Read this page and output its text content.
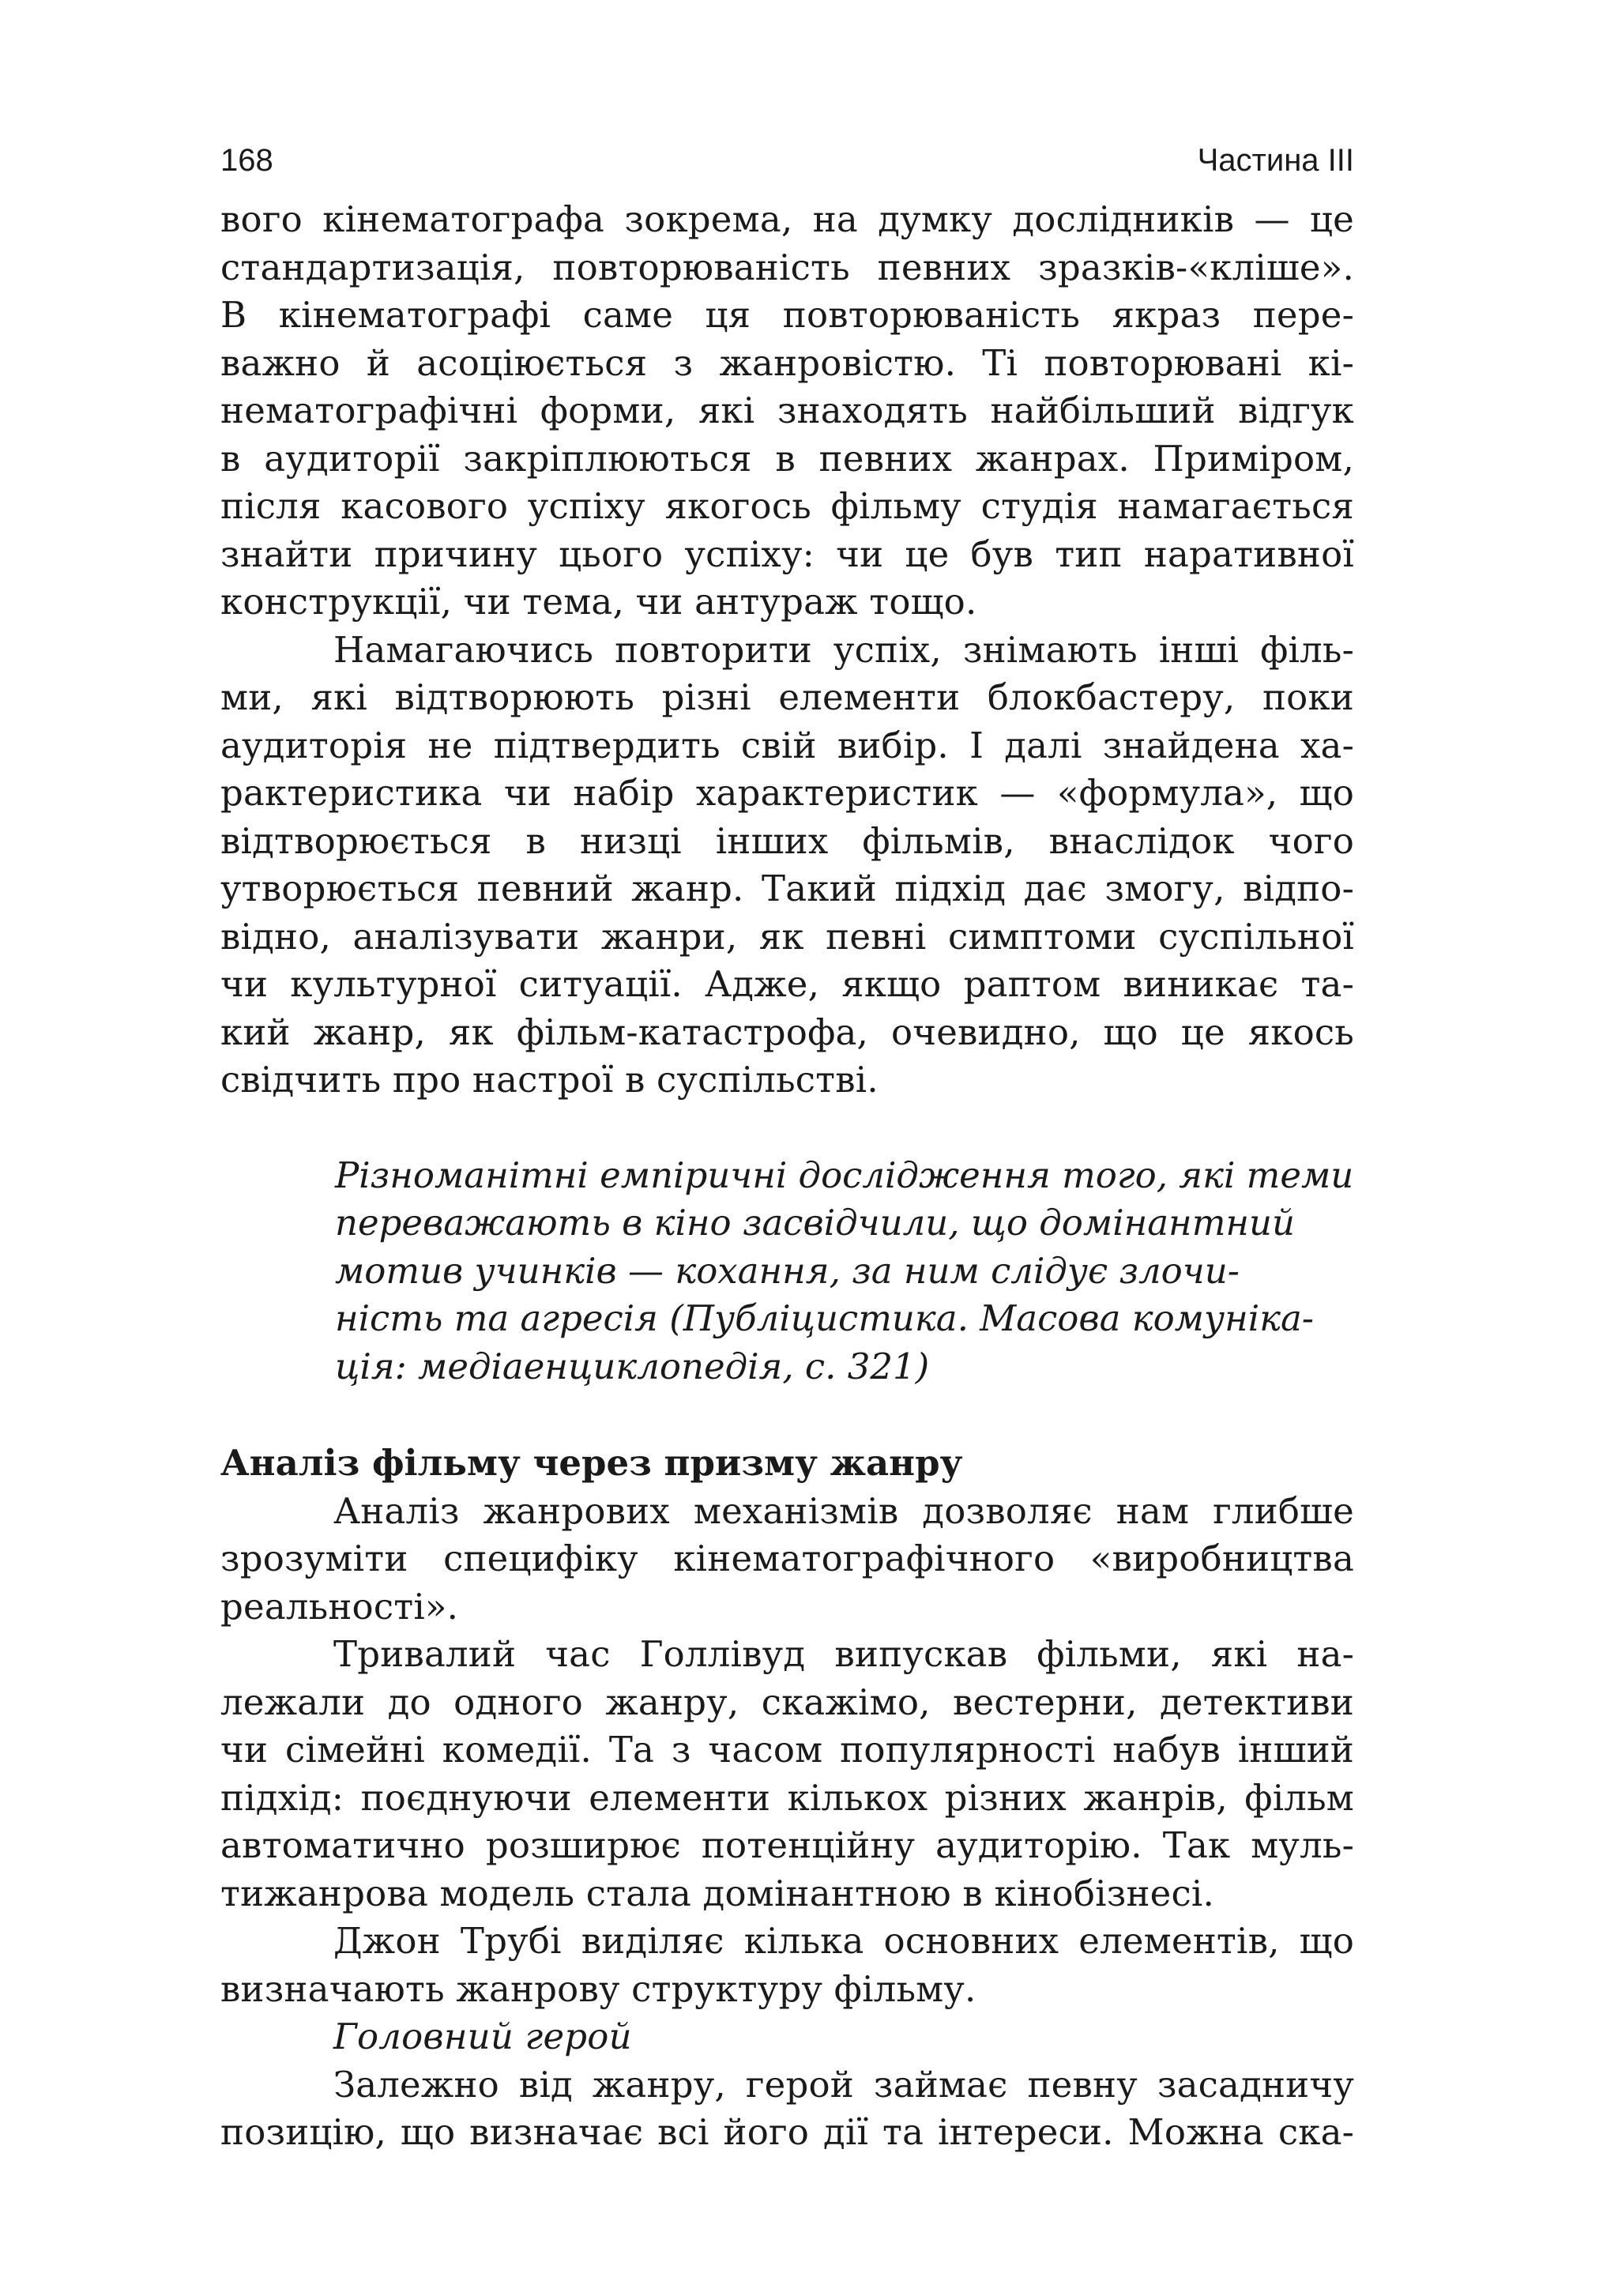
168	Частина III
вого кінематографа зокрема, на думку дослідників — це
стандартизація, повторюваність певних зразків-«кліше».
В кінематографі саме ця повторюваність якраз пере-
важно й асоціюється з жанровістю. Ті повторювані кі-
нематографічні форми, які знаходять найбільший відгук
в аудиторії закріплюються в певних жанрах. Приміром,
після касового успіху якогось фільму студія намагається
знайти причину цього успіху: чи це був тип наративної
конструкції, чи тема, чи антураж тощо.
Намагаючись повторити успіх, знімають інші філь-
ми, які відтворюють різні елементи блокбастеру, поки
аудиторія не підтвердить свій вибір. І далі знайдена ха-
рактеристика чи набір характеристик — «формула», що
відтворюється в низці інших фільмів, внаслідок чого
утворюється певний жанр. Такий підхід дає змогу, відпо-
відно, аналізувати жанри, як певні симптоми суспільної
чи культурної ситуації. Адже, якщо раптом виникає та-
кий жанр, як фільм-катастрофа, очевидно, що це якось
свідчить про настрої в суспільстві.
Різноманітні емпіричні дослідження того, які теми
переважають в кіно засвідчили, що домінантний
мотив учинків — кохання, за ним слідує злочи-
ність та агресія (Публіцистика. Масова комуніка-
ція: медіаенциклопедія, с. 321)
Аналіз фільму через призму жанру
Аналіз жанрових механізмів дозволяє нам глибше
зрозуміти специфіку кінематографічного «виробництва
реальності».
Тривалий час Голлівуд випускав фільми, які на-
лежали до одного жанру, скажімо, вестерни, детективи
чи сімейні комедії. Та з часом популярності набув інший
підхід: поєднуючи елементи кількох різних жанрів, фільм
автоматично розширює потенційну аудиторію. Так муль-
тижанрова модель стала домінантною в кінобізнесі.
Джон Трубі виділяє кілька основних елементів, що
визначають жанрову структуру фільму.
Головний герой
Залежно від жанру, герой займає певну засадничу
позицію, що визначає всі його дії та інтереси. Можна ска-
